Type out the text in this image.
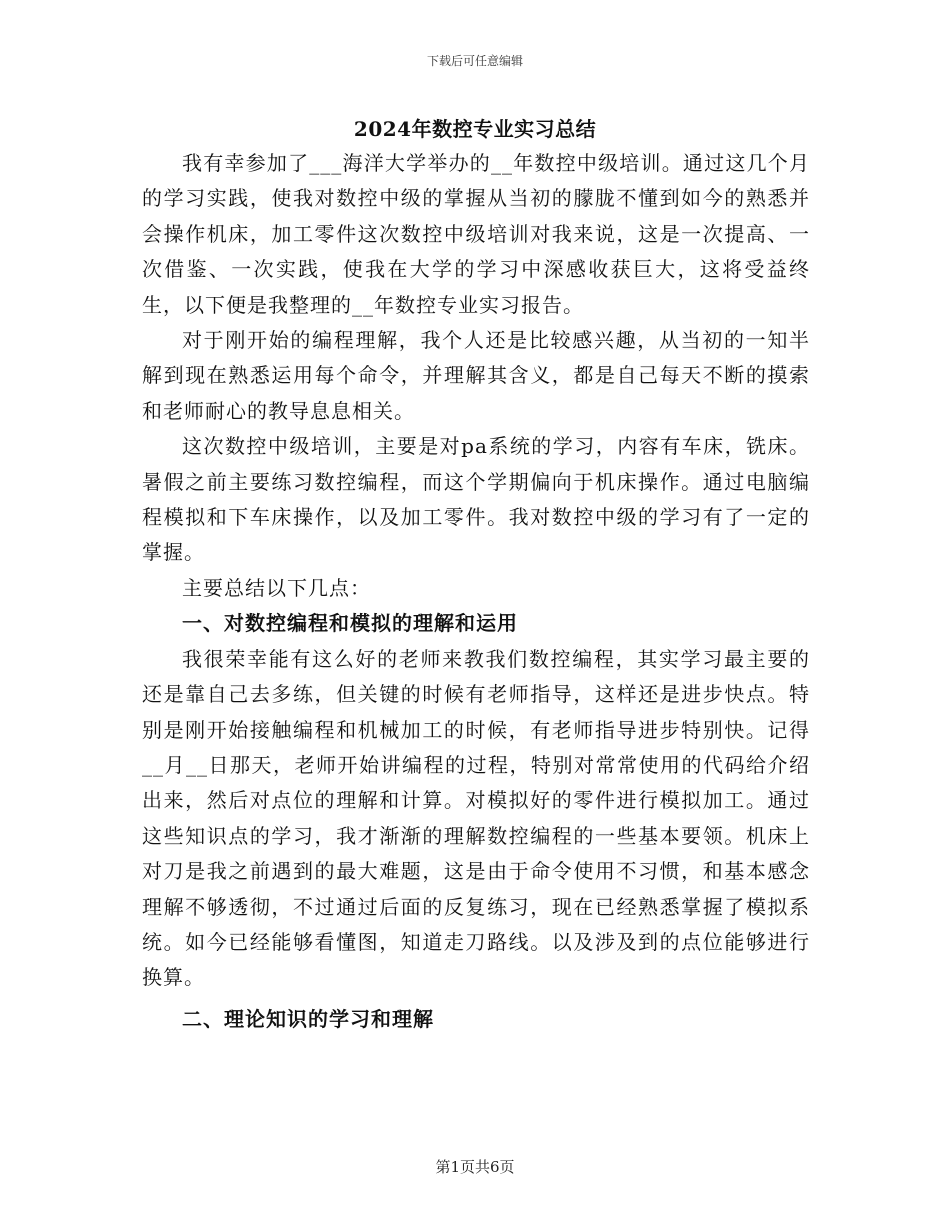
下载后可任意编辑
2024年数控专业实习总结

我有幸参加了___海洋大学举办的__年数控中级培训。通过这几个月的学习实践，使我对数控中级的掌握从当初的朦胧不懂到如今的熟悉并会操作机床，加工零件这次数控中级培训对我来说，这是一次提高、一次借鉴、一次实践，使我在大学的学习中深感收获巨大，这将受益终生，以下便是我整理的__年数控专业实习报告。

对于刚开始的编程理解，我个人还是比较感兴趣，从当初的一知半解到现在熟悉运用每个命令，并理解其含义，都是自己每天不断的摸索和老师耐心的教导息息相关。

这次数控中级培训，主要是对pa系统的学习，内容有车床，铣床。暑假之前主要练习数控编程，而这个学期偏向于机床操作。通过电脑编程模拟和下车床操作，以及加工零件。我对数控中级的学习有了一定的掌握。

主要总结以下几点：

一、对数控编程和模拟的理解和运用

我很荣幸能有这么好的老师来教我们数控编程，其实学习最主要的还是靠自己去多练，但关键的时候有老师指导，这样还是进步快点。特别是刚开始接触编程和机械加工的时候，有老师指导进步特别快。记得__月__日那天，老师开始讲编程的过程，特别对常常使用的代码给介绍出来，然后对点位的理解和计算。对模拟好的零件进行模拟加工。通过这些知识点的学习，我才渐渐的理解数控编程的一些基本要领。机床上对刀是我之前遇到的最大难题，这是由于命令使用不习惯，和基本感念理解不够透彻，不过通过后面的反复练习，现在已经熟悉掌握了模拟系统。如今已经能够看懂图，知道走刀路线。以及涉及到的点位能够进行换算。

二、理论知识的学习和理解

第1页共6页
